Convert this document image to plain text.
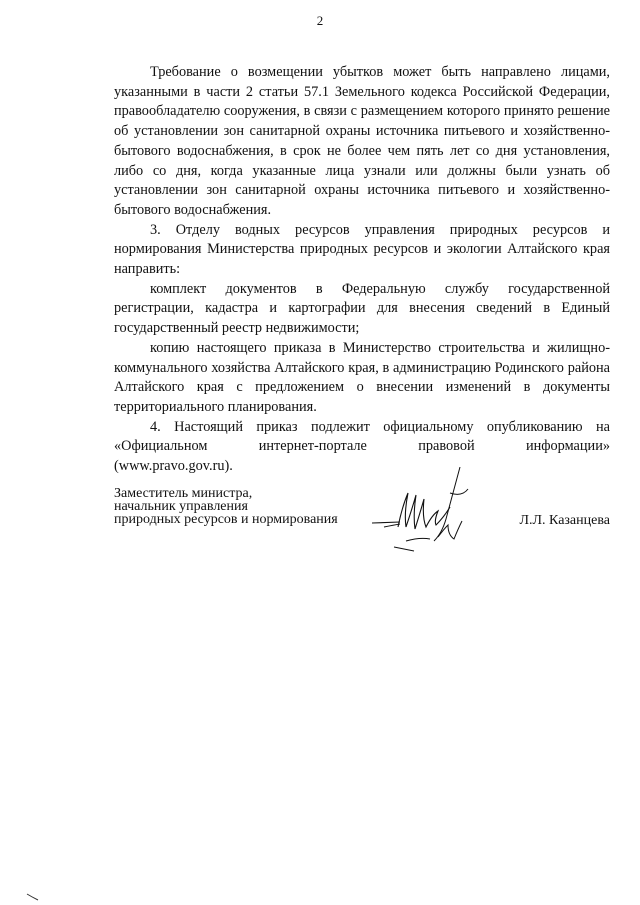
2

Требование о возмещении убытков может быть направлено лицами, указанными в части 2 статьи 57.1 Земельного кодекса Российской Федерации, правообладателю сооружения, в связи с размещением которого принято решение об установлении зон санитарной охраны источника питьевого и хозяйственно-бытового водоснабжения, в срок не более чем пять лет со дня установления, либо со дня, когда указанные лица узнали или должны были узнать об установлении зон санитарной охраны источника питьевого и хозяйственно-бытового водоснабжения.

3. Отделу водных ресурсов управления природных ресурсов и нормирования Министерства природных ресурсов и экологии Алтайского края направить:

комплект документов в Федеральную службу государственной регистрации, кадастра и картографии для внесения сведений в Единый государственный реестр недвижимости;

копию настоящего приказа в Министерство строительства и жилищно-коммунального хозяйства Алтайского края, в администрацию Родинского района Алтайского края с предложением о внесении изменений в документы территориального планирования.

4. Настоящий приказ подлежит официальному опубликованию на «Официальном интернет-портале правовой информации»

(www.pravo.gov.ru).

Заместитель министра,
начальник управления
природных ресурсов и нормирования	Л.Л. Казанцева
